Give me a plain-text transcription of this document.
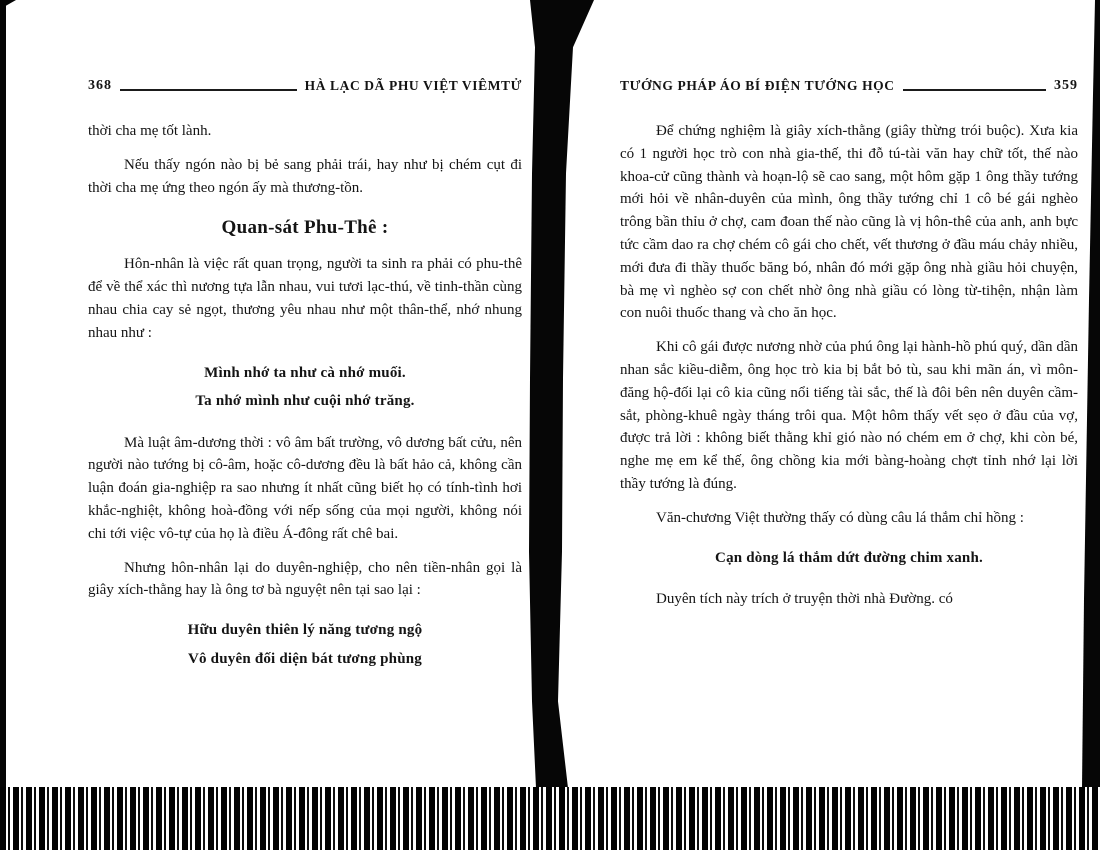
368	HÀ LẠC DÃ PHU VIỆT VIÊMTỬ

thời cha mẹ tốt lành.

Nếu thấy ngón nào bị bẻ sang phải trái, hay như bị chém cụt đi thời cha mẹ ứng theo ngón ấy mà thương-tồn.

Quan-sát Phu-Thê :

Hôn-nhân là việc rất quan trọng, người ta sinh ra phải có phu-thê để về thể xác thì nương tựa lẫn nhau, vui tươi lạc-thú, về tinh-thần cùng nhau chia cay sẻ ngọt, thương yêu nhau như một thân-thể, nhớ nhung nhau như :

Mình nhớ ta như cà nhớ muối.
Ta nhớ mình như cuội nhớ trăng.

Mà luật âm-dương thời : vô âm bất trường, vô dương bất cửu, nên người nào tướng bị cô-âm, hoặc cô-dương đều là bất hảo cả, không cần luận đoán gia-nghiệp ra sao nhưng ít nhất cũng biết họ có tính-tình hơi khắc-nghiệt, không hoà-đồng với nếp sống của mọi người, không nói chi tới việc vô-tự của họ là điều Á-đông rất chê bai.

Nhưng hôn-nhân lại do duyên-nghiệp, cho nên tiền-nhân gọi là giây xích-thằng hay là ông tơ bà nguyệt nên tại sao lại :

Hữu duyên thiên lý năng tương ngộ
Vô duyên đối diện bát tương phùng
TƯỚNG PHÁP ÁO BÍ ĐIỆN TƯỚNG HỌC	359

Để chứng nghiệm là giây xích-thằng (giây thừng trói buộc). Xưa kia có 1 người học trò con nhà gia-thế, thi đỗ tú-tài văn hay chữ tốt, thế nào khoa-cử cũng thành và hoạn-lộ sẽ cao sang, một hôm gặp 1 ông thầy tướng mới hỏi về nhân-duyên của mình, ông thầy tướng chỉ 1 cô bé gái nghèo trông bần thỉu ở chợ, cam đoan thế nào cũng là vị hôn-thê của anh, anh bực tức cầm dao ra chợ chém cô gái cho chết, vết thương ở đầu máu chảy nhiều, mới đưa đi thầy thuốc băng bó, nhân đó mới gặp ông nhà giầu hỏi chuyện, bà mẹ vì nghèo sợ con chết nhờ ông nhà giầu có lòng từ-tihện, nhận làm con nuôi thuốc thang và cho ăn học.

Khi cô gái được nương nhờ của phú ông lại hành-hồ phú quý, dần dần nhan sắc kiều-diễm, ông học trò kia bị bắt bỏ tù, sau khi mãn án, vì môn-đăng hộ-đối lại cô kia cũng nổi tiếng tài sắc, thế là đôi bên nên duyên cầm-sắt, phòng-khuê ngày tháng trôi qua. Một hôm thấy vết sẹo ở đầu của vợ, được trả lời : không biết thằng khỉ gió nào nó chém em ở chợ, khi còn bé, nghe mẹ em kể thế, ông chồng kia mới bàng-hoàng chợt tỉnh nhớ lại lời thầy tướng là đúng.

Văn-chương Việt thường thấy có dùng câu lá thắm chỉ hồng :

Cạn dòng lá thắm dứt đường chim xanh.

Duyên tích này trích ở truyện thời nhà Đường. có
